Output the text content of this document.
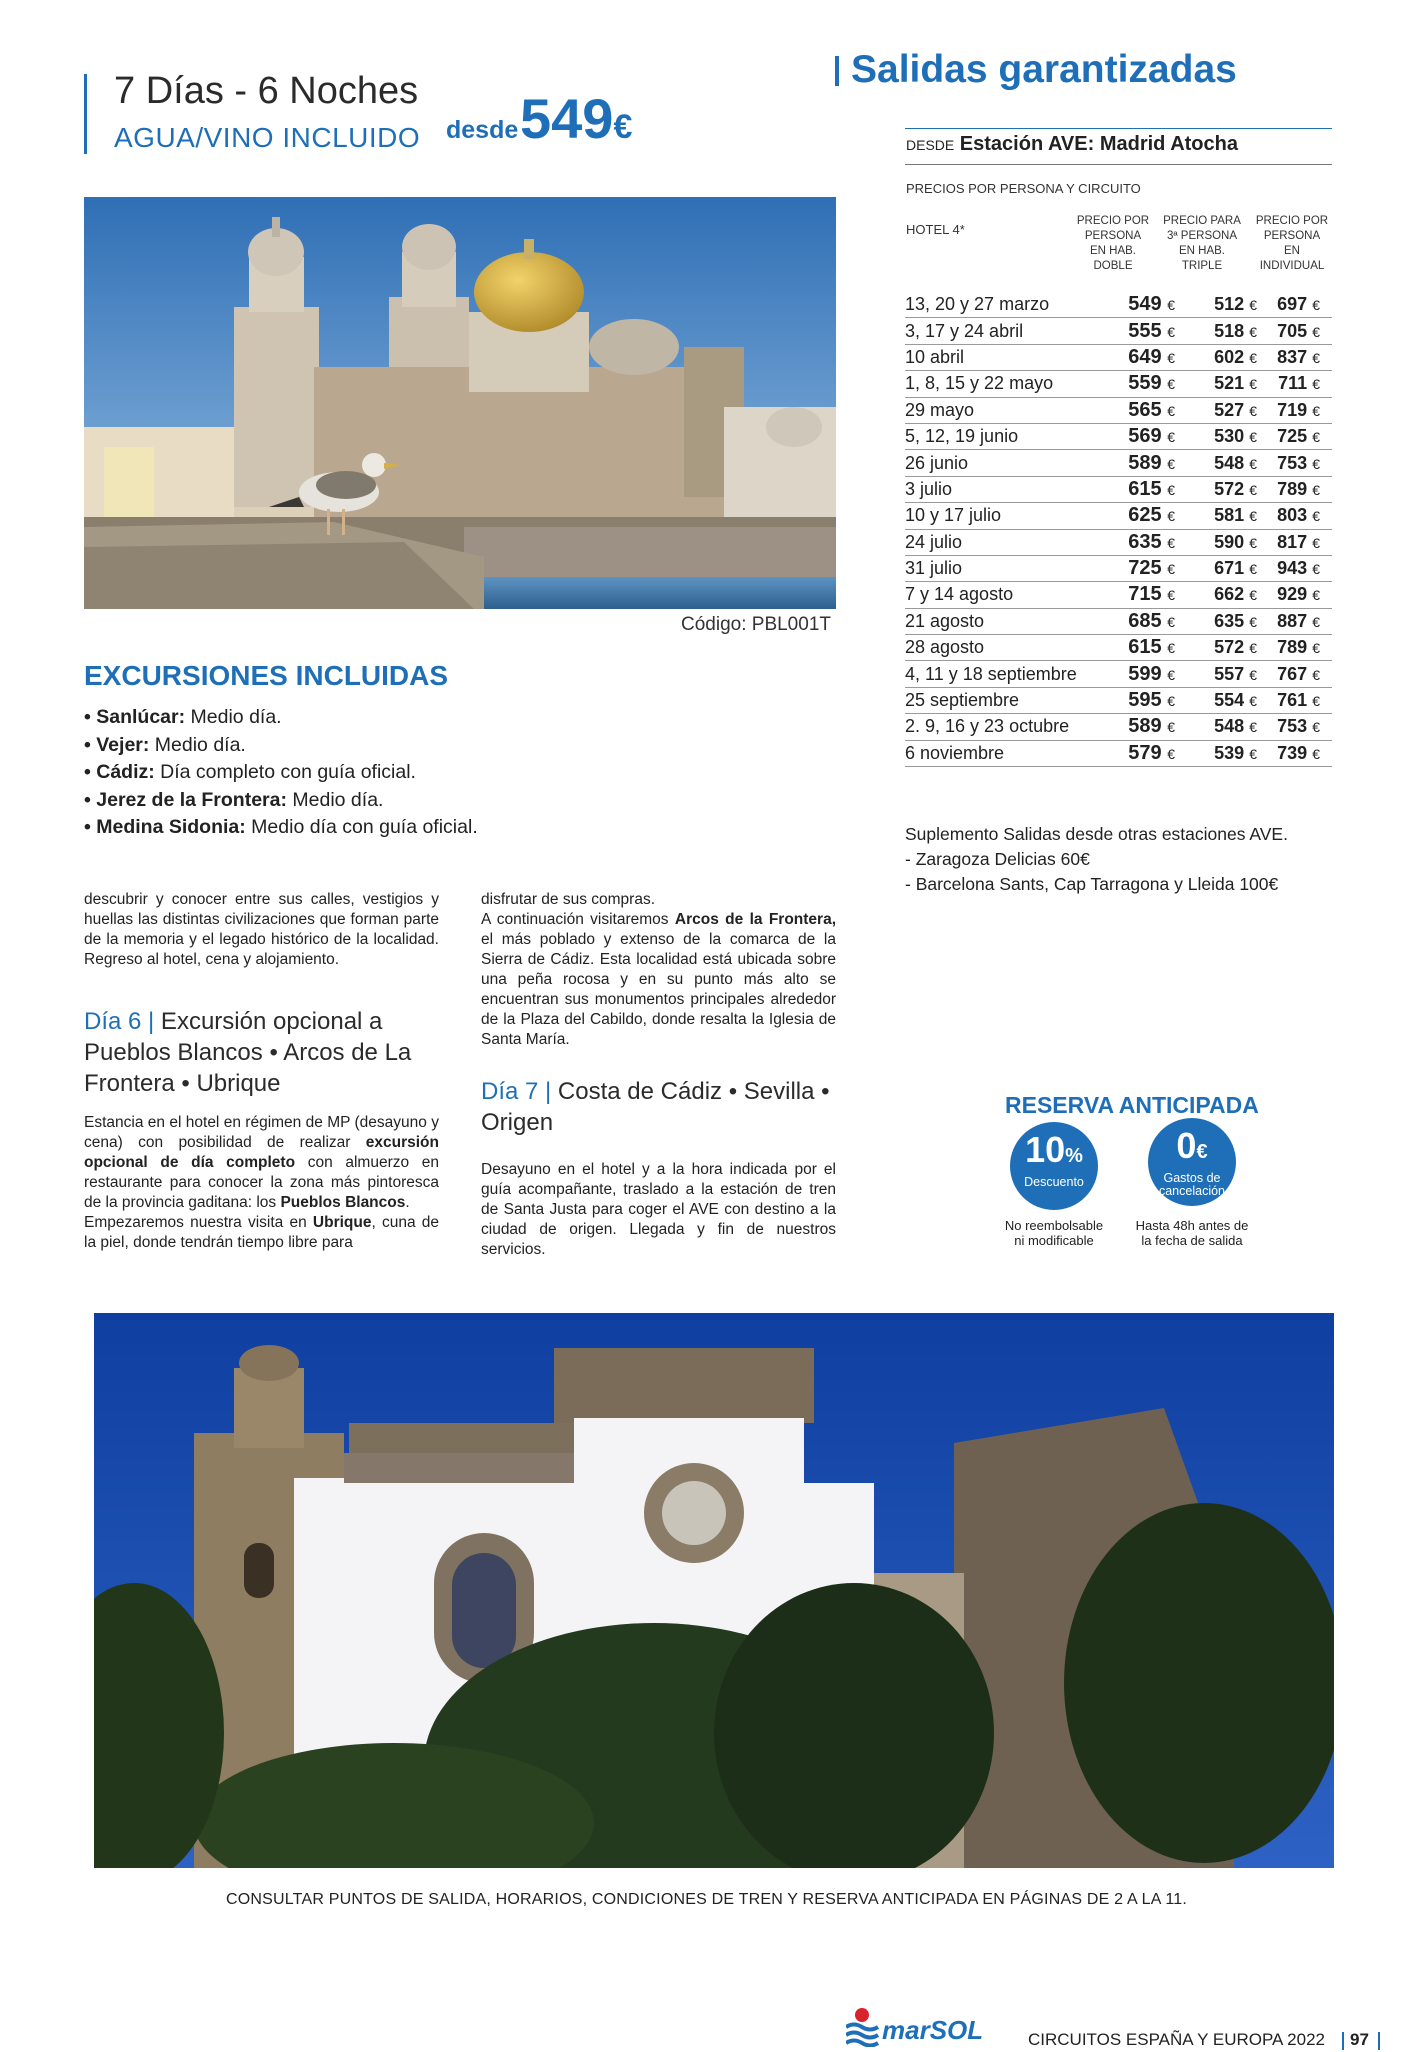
7 Días - 6 Noches
AGUA/VINO INCLUIDO desde 549€
Código: PBL001T
EXCURSIONES INCLUIDAS
• Sanlúcar: Medio día.
• Vejer: Medio día.
• Cádiz: Día completo con guía oficial.
• Jerez de la Frontera: Medio día.
• Medina Sidonia: Medio día con guía oficial.
descubrir y conocer entre sus calles, vestigios y huellas las distintas civilizaciones que forman parte de la memoria y el legado histórico de la localidad. Regreso al hotel, cena y alojamiento.
Día 6 | Excursión opcional a Pueblos Blancos • Arcos de La Frontera • Ubrique
Estancia en el hotel en régimen de MP (desayuno y cena) con posibilidad de realizar excursión opcional de día completo con almuerzo en restaurante para conocer la zona más pintoresca de la provincia gaditana: los Pueblos Blancos.
Empezaremos nuestra visita en Ubrique, cuna de la piel, donde tendrán tiempo libre para
disfrutar de sus compras.
A continuación visitaremos Arcos de la Frontera, el más poblado y extenso de la comarca de la Sierra de Cádiz. Esta localidad está ubicada sobre una peña rocosa y en su punto más alto se encuentran sus monumentos principales alrededor de la Plaza del Cabildo, donde resalta la Iglesia de Santa María.
Día 7 | Costa de Cádiz • Sevilla • Origen
Desayuno en el hotel y a la hora indicada por el guía acompañante, traslado a la estación de tren de Santa Justa para coger el AVE con destino a la ciudad de origen. Llegada y fin de nuestros servicios.
Salidas garantizadas
DESDE Estación AVE: Madrid Atocha
PRECIOS POR PERSONA Y CIRCUITO
HOTEL 4*
PRECIO POR
PERSONA
EN HAB.
DOBLE
PRECIO PARA
3ª PERSONA
EN HAB.
TRIPLE
PRECIO POR
PERSONA
EN
INDIVIDUAL
13, 20 y 27 marzo	549 €	512 €	697 €
3, 17 y 24 abril	555 €	518 €	705 €
10 abril	649 €	602 €	837 €
1, 8, 15 y 22 mayo	559 €	521 €	711 €
29 mayo	565 €	527 €	719 €
5, 12, 19 junio	569 €	530 €	725 €
26 junio	589 €	548 €	753 €
3 julio	615 €	572 €	789 €
10 y 17 julio	625 €	581 €	803 €
24 julio	635 €	590 €	817 €
31 julio	725 €	671 €	943 €
7 y 14 agosto	715 €	662 €	929 €
21 agosto	685 €	635 €	887 €
28 agosto	615 €	572 €	789 €
4, 11 y 18 septiembre	599 €	557 €	767 €
25 septiembre	595 €	554 €	761 €
2. 9, 16 y 23 octubre	589 €	548 €	753 €
6 noviembre	579 €	539 €	739 €
Suplemento Salidas desde otras estaciones AVE.
- Zaragoza Delicias 60€
- Barcelona Sants, Cap Tarragona y Lleida 100€
RESERVA ANTICIPADA
10%
Descuento
0€
Gastos de
cancelación
No reembolsable
ni modificable
Hasta 48h antes de
la fecha de salida
CONSULTAR PUNTOS DE SALIDA, HORARIOS, CONDICIONES DE TREN Y RESERVA ANTICIPADA EN PÁGINAS DE 2 A LA 11.
marSOL	CIRCUITOS ESPAÑA Y EUROPA 2022 97
